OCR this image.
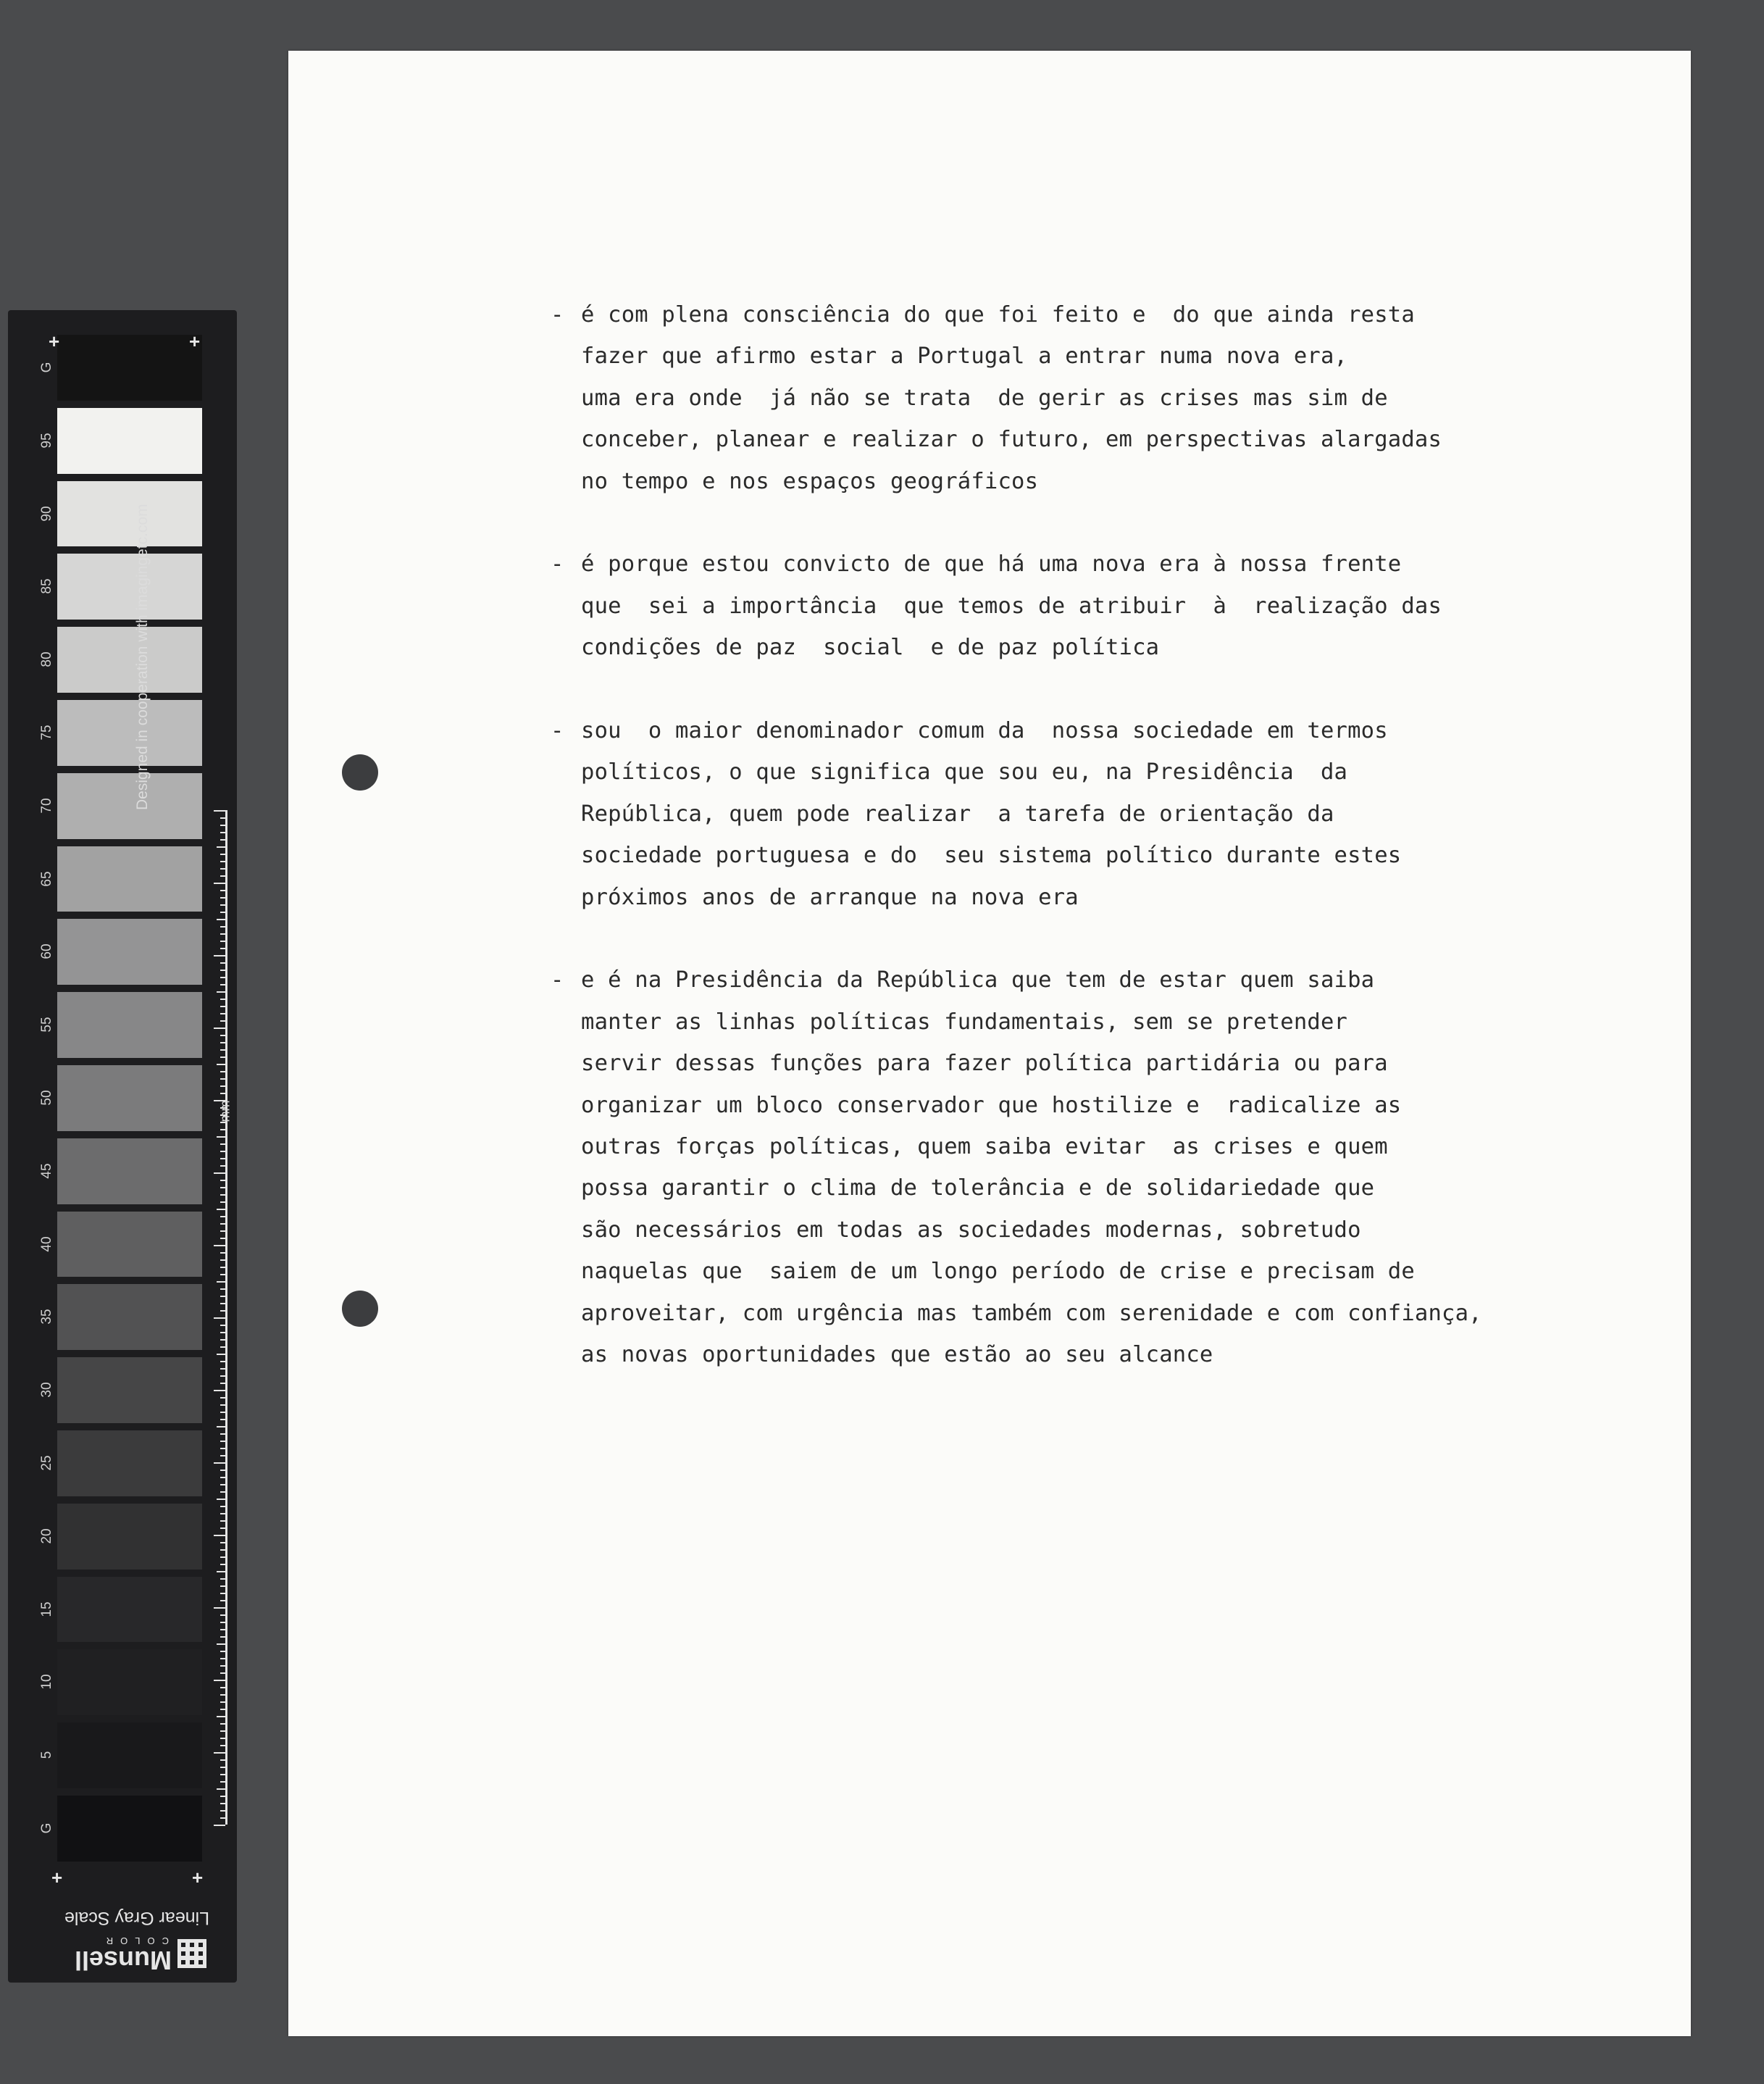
- é com plena consciência do que foi feito e  do que ainda resta
fazer que afirmo estar a Portugal a entrar numa nova era,
uma era onde  já não se trata  de gerir as crises mas sim de
conceber, planear e realizar o futuro, em perspectivas alargadas
no tempo e nos espaços geográficos
- é porque estou convicto de que há uma nova era à nossa frente
que  sei a importância  que temos de atribuir  à  realização das
condições de paz  social  e de paz política
- sou  o maior denominador comum da  nossa sociedade em termos
políticos, o que significa que sou eu, na Presidência  da
República, quem pode realizar  a tarefa de orientação da
sociedade portuguesa e do  seu sistema político durante estes
próximos anos de arranque na nova era
- e é na Presidência da República que tem de estar quem saiba
manter as linhas políticas fundamentais, sem se pretender
servir dessas funções para fazer política partidária ou para
organizar um bloco conservador que hostilize e  radicalize as
outras forças políticas, quem saiba evitar  as crises e quem
possa garantir o clima de tolerância e de solidariedade que
são necessários em todas as sociedades modernas, sobretudo
naquelas que  saiem de um longo período de crise e precisam de
aproveitar, com urgência mas também com serenidade e com confiança,
as novas oportunidades que estão ao seu alcance
G
95
90
85
80
75
70
65
60
55
50
45
40
35
30
25
20
15
10
5
G
+	+
+	+
mm
Designed in cooperation with imagingetc.com
Linear Gray Scale
Munsell
COLOR
